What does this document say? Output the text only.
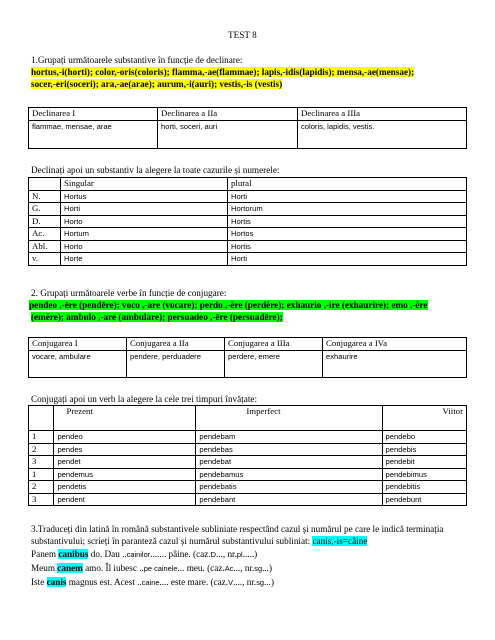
TEST 8
1.Grupați următoarele substantive în funcție de declinare:
hortus,-i(horti); color,-oris(coloris); flamma,-ae(flammae); lapis,-idis(lapidis); mensa,-ae(mensae);
socer,-eri(soceri); ara,-ae(arae); aurum,-i(auri); vestis,-is (vestis)
Declinarea I	Declinarea a IIa	Declinarea a IIIa
flammae, mensae, arae	horti, soceri, auri	coloris, lapidis, vestis.
Declinați apoi un substantiv la alegere la toate cazurile și numerele:
	Singular	plural
N.	Hortus	Horti
G.	Horti	Hortorum
D.	Horto	Hortis
Ac.	Hortum	Hortos
Abl.	Horto	Hortis
v.	Horte	Horti
2. Grupați următoarele verbe în funcție de conjugare:
pendeo ,-ēre (pendēre); voco ,-are (vocare); perdo ,-ĕre (perdĕre); exhaurio ,-ire (exhaurire); emo ,-ĕre
(emĕre); ambulo ,-are (ambulare); persuadeo ,-ēre (persuadēre);
Conjugarea I	Conjugarea a IIa	Conjugarea a IIIa	Conjugarea a IVa
vocare, ambulare	pendere, perduadere	perdere, emere	exhaurire
Conjugați apoi un verb la alegere la cele trei timpuri învățate:
	Prezent	Imperfect	Viitor
1	pendeo	pendebam	pendebo
2	pendes	pendebas	pendebis
3	pendet	pendebat	pendebit
1	pendemus	pendebamus	pendebimus
2	pendetis	pendebatis	pendebitis
3	pendent	pendebant	pendebunt
3.Traduceți din latină în română substantivele subliniate respectând cazul și numărul pe care le indică terminația
substantivului; scrieți în paranteză cazul și numărul substantivului subliniat: canis,-is=câine
Panem canibus do. Dau ..cainilor....... pâine. (caz.D..., nr.pl.....)
Meum canem amo. Îl iubesc ..pe cainele... meu. (caz.Ac..., nr.sg...)
Iste canis magnus est. Acest ..caine.... este mare. (caz.V...., nr.sg...)
